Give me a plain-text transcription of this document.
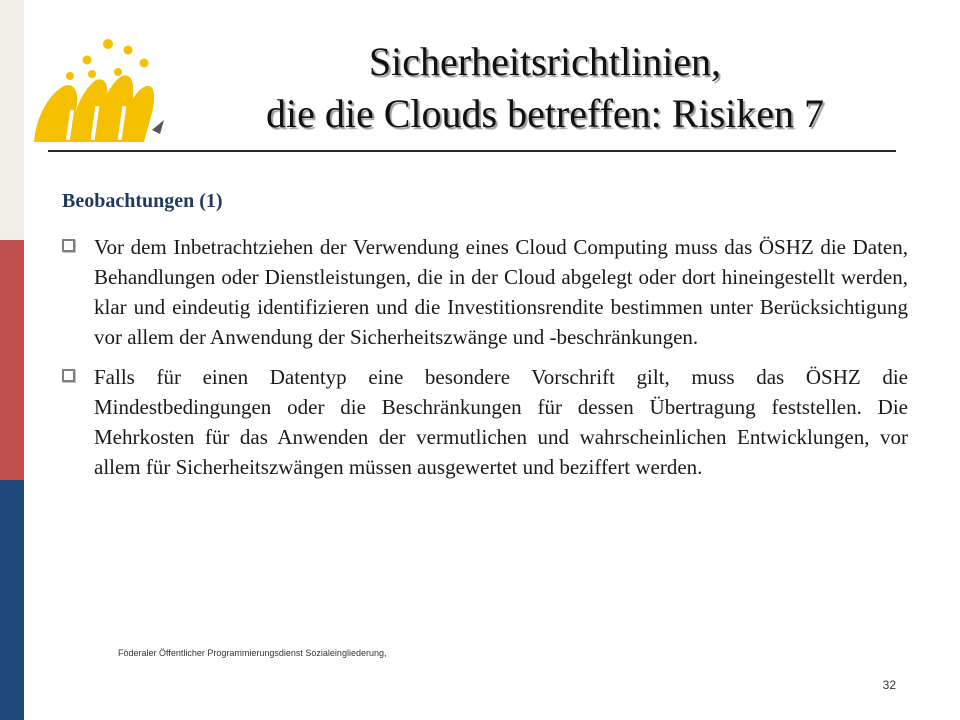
Sicherheitsrichtlinien,
die die Clouds betreffen: Risiken 7
Beobachtungen (1)
Vor dem Inbetrachtziehen der Verwendung eines Cloud Computing muss das ÖSHZ die Daten, Behandlungen oder Dienstleistungen, die in der Cloud abgelegt oder dort hineingestellt werden, klar und eindeutig identifizieren und die Investitionsrendite bestimmen unter Berücksichtigung vor allem der Anwendung der Sicherheitszwänge und -beschränkungen.
Falls für einen Datentyp eine besondere Vorschrift gilt, muss das ÖSHZ die Mindestbedingungen oder die Beschränkungen für dessen Übertragung feststellen. Die Mehrkosten für das Anwenden der vermutlichen und wahrscheinlichen Entwicklungen, vor allem für Sicherheitszwängen müssen ausgewertet und beziffert werden.
Föderaler Öffentlicher Programmierungsdienst Sozialeingliederung,
32
